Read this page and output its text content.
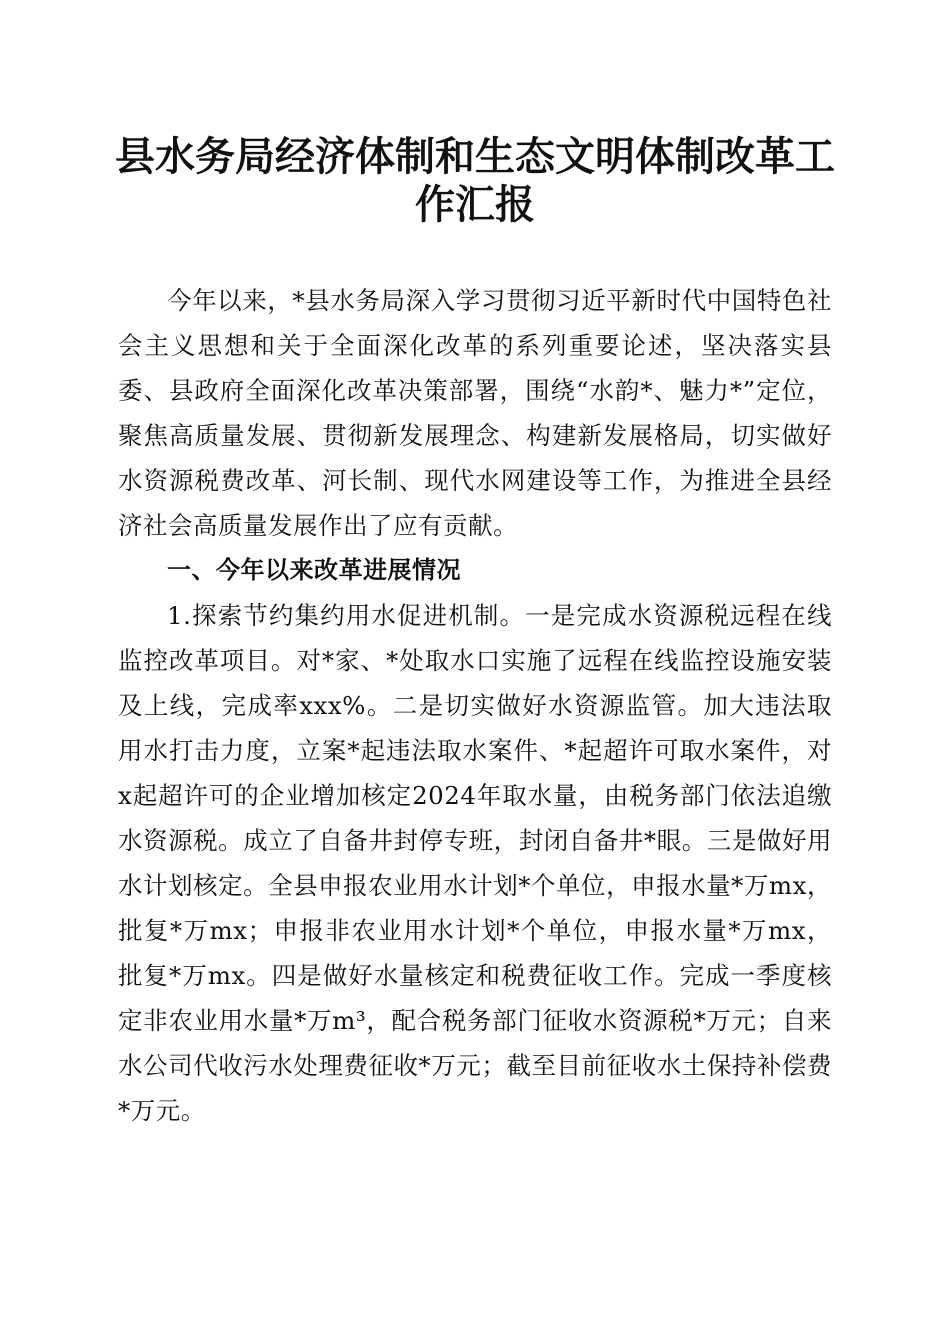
县水务局经济体制和生态文明体制改革工作汇报

今年以来，*县水务局深入学习贯彻习近平新时代中国特色社会主义思想和关于全面深化改革的系列重要论述，坚决落实县委、县政府全面深化改革决策部署，围绕“水韵*、魅力*”定位，聚焦高质量发展、贯彻新发展理念、构建新发展格局，切实做好水资源税费改革、河长制、现代水网建设等工作，为推进全县经济社会高质量发展作出了应有贡献。

一、今年以来改革进展情况

1.探索节约集约用水促进机制。一是完成水资源税远程在线监控改革项目。对*家、*处取水口实施了远程在线监控设施安装及上线，完成率xxx%。二是切实做好水资源监管。加大违法取用水打击力度，立案*起违法取水案件、*起超许可取水案件，对x起超许可的企业增加核定2024年取水量，由税务部门依法追缴水资源税。成立了自备井封停专班，封闭自备井*眼。三是做好用水计划核定。全县申报农业用水计划*个单位，申报水量*万mx，批复*万mx；申报非农业用水计划*个单位，申报水量*万mx，批复*万mx。四是做好水量核定和税费征收工作。完成一季度核定非农业用水量*万m³，配合税务部门征收水资源税*万元；自来水公司代收污水处理费征收*万元；截至目前征收水土保持补偿费*万元。
